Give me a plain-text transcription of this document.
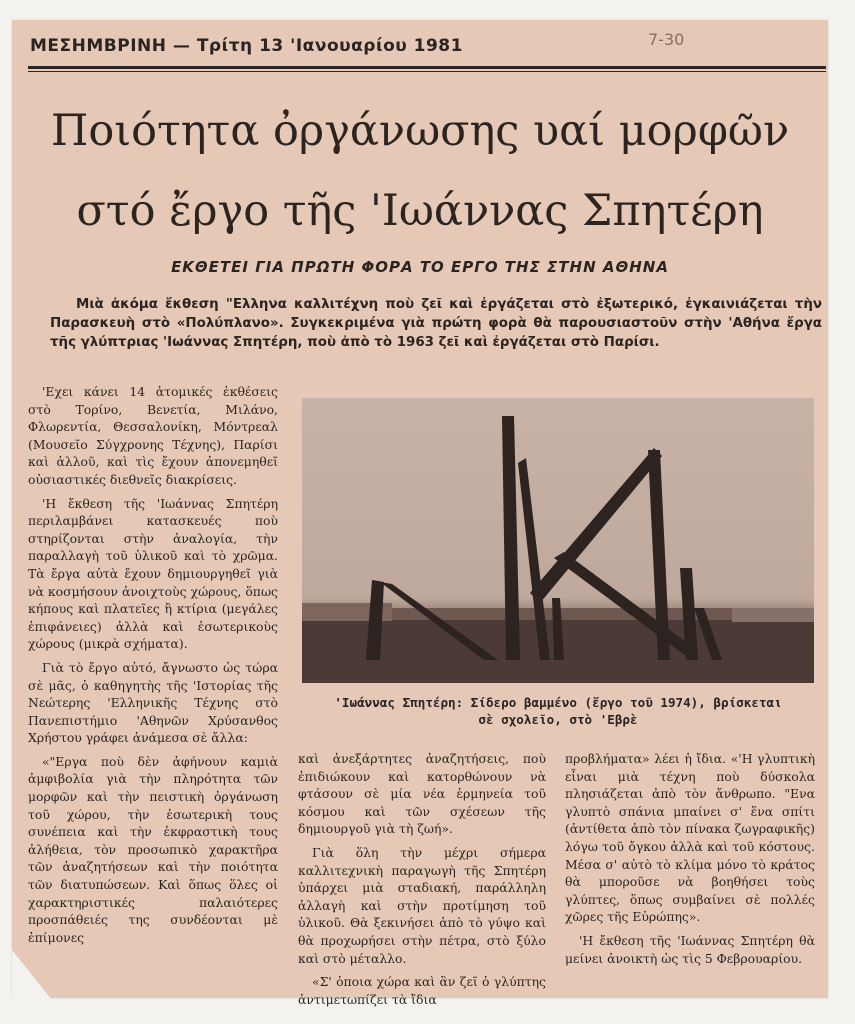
ΜΕΣΗΜΒΡΙΝΗ — Τρίτη 13 'Ιανουαρίου 1981	7-30
Ποιότητα ὀργάνωσης υαί μορφῶν
στό ἔργο τῆς 'Ιωάννας Σπητέρη
ΕΚΘΕΤΕΙ ΓΙΑ ΠΡΩΤΗ ΦΟΡΑ ΤΟ ΕΡΓΟ ΤΗΣ ΣΤΗΝ ΑΘΗΝΑ

Μιὰ ἀκόμα ἔκθεση "Ελληνα καλλιτέχνη ποὺ ζεῖ καὶ ἐργάζεται στὸ ἐξωτερικό, ἐγκαινιάζεται τὴν Παρασκευὴ στὸ «Πολύπλανο». Συγκεκριμένα γιὰ πρώτη φορὰ θὰ παρουσιαστοῦν στὴν 'Αθήνα ἔργα τῆς γλύπτριας 'Ιωάννας Σπητέρη, ποὺ ἀπὸ τὸ 1963 ζεῖ καὶ ἐργάζεται στὸ Παρίσι.

'Εχει κάνει 14 ἀτομικές ἐκθέσεις στὸ Τορίνο, Βενετία, Μιλάνο, Φλωρεντία, Θεσσαλονίκη, Μόντρεαλ (Μουσεῖο Σύγχρονης Τέχνης), Παρίσι καὶ ἀλλοῦ, καὶ τὶς ἔχουν ἀπονεμηθεῖ οὐσιαστικές διεθνεῖς διακρίσεις.

'Η ἔκθεση τῆς 'Ιωάννας Σπητέρη περιλαμβάνει κατασκευές ποὺ στηρίζονται στὴν ἀναλογία, τὴν παραλλαγὴ τοῦ ὑλικοῦ καὶ τὸ χρῶμα. Τὰ ἔργα αὐτὰ ἔχουν δημιουργηθεῖ γιὰ νὰ κοσμήσουν ἀνοιχτοὺς χώρους, ὅπως κήπους καὶ πλατεῖες ἢ κτίρια (μεγάλες ἐπιφάνειες) ἀλλὰ καὶ ἐσωτερικοὺς χώρους (μικρὰ σχήματα).

Γιὰ τὸ ἔργο αὐτό, ἄγνωστο ὡς τώρα σὲ μᾶς, ὁ καθηγητὴς τῆς 'Ιστορίας τῆς Νεώτερης 'Ελληνικῆς Τέχνης στὸ Πανεπιστήμιο 'Αθηνῶν Χρύσανθος Χρήστου γράφει ἀνάμεσα σὲ ἄλλα:

«"Εργα ποὺ δὲν ἀφήνουν καμιὰ ἀμφιβολία γιὰ τὴν πληρότητα τῶν μορφῶν καὶ τὴν πειστικὴ ὀργάνωση τοῦ χώρου, τὴν ἐσωτερικὴ τους συνέπεια καὶ τὴν ἐκφραστικὴ τους ἀλήθεια, τὸν προσωπικὸ χαρακτῆρα τῶν ἀναζητήσεων καὶ τὴν ποιότητα τῶν διατυπώσεων. Καὶ ὅπως ὅλες οἱ χαρακτηριστικές παλαιότερες προσπάθειές της συνδέονται μὲ ἐπίμονες

'Ιωάννας Σπητέρη: Σίδερο βαμμένο (ἔργο τοῦ 1974), βρίσκεται
σὲ σχολεῖο, στὸ 'Εβρὲ

καὶ ἀνεξάρτητες ἀναζητήσεις, ποὺ ἐπιδιώκουν καὶ κατορθώνουν νὰ φτάσουν σὲ μία νέα ἑρμηνεία τοῦ κόσμου καὶ τῶν σχέσεων τῆς δημιουργοῦ γιὰ τὴ ζωή».

Γιὰ ὅλη τὴν μέχρι σήμερα καλλιτεχνικὴ παραγωγὴ τῆς Σπητέρη ὑπάρχει μιὰ σταδιακή, παράλληλη ἀλλαγὴ καὶ στὴν προτίμηση τοῦ ὑλικοῦ. Θὰ ξεκινήσει ἀπὸ τὸ γύψο καὶ θὰ προχωρήσει στὴν πέτρα, στὸ ξύλο καὶ στὸ μέταλλο.

«Σ' ὁποια χώρα καὶ ἂν ζεῖ ὁ γλύπτης ἀντιμετωπίζει τὰ ἴδια

προβλήματα» λέει ἡ ἴδια. «'Η γλυπτικὴ εἶναι μιὰ τέχνη ποὺ δύσκολα πλησιάζεται ἀπὸ τὸν ἄνθρωπο. "Ενα γλυπτὸ σπάνια μπαίνει σ' ἕνα σπίτι (ἀντίθετα ἀπὸ τὸν πίνακα ζωγραφικῆς) λόγω τοῦ ὄγκου ἀλλὰ καὶ τοῦ κόστους. Μέσα σ' αὐτὸ τὸ κλίμα μόνο τὸ κράτος θὰ μποροῦσε νὰ βοηθήσει τοὺς γλύπτες, ὅπως συμβαίνει σὲ πολλές χῶρες τῆς Εὐρώπης».

'Η ἔκθεση τῆς 'Ιωάννας Σπητέρη θὰ μείνει ἀνοικτὴ ὡς τὶς 5 Φεβρουαρίου.
